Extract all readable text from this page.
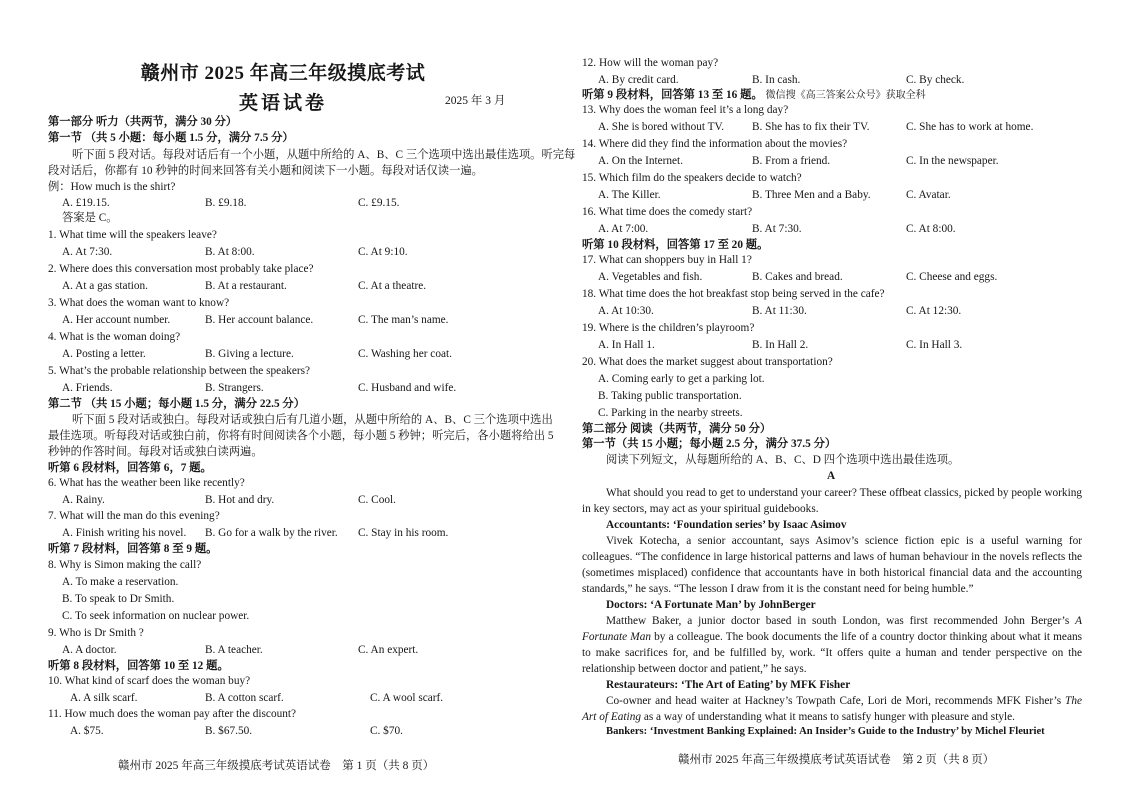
赣州市 2025 年高三年级摸底考试
英语试卷	2025 年 3 月
第一部分 听力（共两节，满分 30 分）
第一节 （共 5 小题：每小题 1.5 分，满分 7.5 分）
听下面 5 段对话。每段对话后有一个小题，从题中所给的 A、B、C 三个选项中选出最佳选项。听完每
段对话后，你都有 10 秒钟的时间来回答有关小题和阅读下一小题。每段对话仅读一遍。
例：How much is the shirt?
A. £19.15.	B. £9.18.	C. £9.15.
答案是 C。
1. What time will the speakers leave?
A. At 7:30.	B. At 8:00.	C. At 9:10.
2. Where does this conversation most probably take place?
A. At a gas station.	B. At a restaurant.	C. At a theatre.
3. What does the woman want to know?
A. Her account number.	B. Her account balance.	C. The man’s name.
4. What is the woman doing?
A. Posting a letter.	B. Giving a lecture.	C. Washing her coat.
5. What’s the probable relationship between the speakers?
A. Friends.	B. Strangers.	C. Husband and wife.
第二节 （共 15 小题；每小题 1.5 分，满分 22.5 分）
听下面 5 段对话或独白。每段对话或独白后有几道小题，从题中所给的 A、B、C 三个选项中选出
最佳选项。听每段对话或独白前，你将有时间阅读各个小题，每小题 5 秒钟；听完后，各小题将给出 5
秒钟的作答时间。每段对话或独白读两遍。
听第 6 段材料，回答第 6，7 题。
6. What has the weather been like recently?
A. Rainy.	B. Hot and dry.	C. Cool.
7. What will the man do this evening?
A. Finish writing his novel. B. Go for a walk by the river. C. Stay in his room.
听第 7 段材料，回答第 8 至 9 题。
8. Why is Simon making the call?
A. To make a reservation.
B. To speak to Dr Smith.
C. To seek information on nuclear power.
9. Who is Dr Smith ?
A. A doctor.	B. A teacher.	C. An expert.
听第 8 段材料，回答第 10 至 12 题。
10. What kind of scarf does the woman buy?
A. A silk scarf.	B. A cotton scarf.	C. A wool scarf.
11. How much does the woman pay after the discount?
A. $75.	B. $67.50.	C. $70.
赣州市 2025 年高三年级摸底考试英语试卷　第 1 页（共 8 页）
12. How will the woman pay?
A. By credit card.	B. In cash.	C. By check.
听第 9 段材料，回答第 13 至 16 题。 微信搜《高三答案公众号》获取全科
13. Why does the woman feel it’s a long day?
A. She is bored without TV. B. She has to fix their TV.	C. She has to work at home.
14. Where did they find the information about the movies?
A. On the Internet.	B. From a friend.	C. In the newspaper.
15. Which film do the speakers decide to watch?
A. The Killer.	B. Three Men and a Baby.	C. Avatar.
16. What time does the comedy start?
A. At 7:00.	B. At 7:30.	C. At 8:00.
听第 10 段材料，回答第 17 至 20 题。
17. What can shoppers buy in Hall 1?
A. Vegetables and fish.	B. Cakes and bread.	C. Cheese and eggs.
18. What time does the hot breakfast stop being served in the cafe?
A. At 10:30.	B. At 11:30.	C. At 12:30.
19. Where is the children’s playroom?
A. In Hall 1.	B. In Hall 2.	C. In Hall 3.
20. What does the market suggest about transportation?
A. Coming early to get a parking lot.
B. Taking public transportation.
C. Parking in the nearby streets.
第二部分 阅读（共两节，满分 50 分）
第一节（共 15 小题；每小题 2.5 分，满分 37.5 分）
阅读下列短文，从每题所给的 A、B、C、D 四个选项中选出最佳选项。
A
What should you read to get to understand your career? These offbeat classics, picked by people working in key sectors, may act as your spiritual guidebooks.
Accountants: ‘Foundation series’ by Isaac Asimov
Vivek Kotecha, a senior accountant, says Asimov’s science fiction epic is a useful warning for colleagues. “The confidence in large historical patterns and laws of human behaviour in the novels reflects the (sometimes misplaced) confidence that accountants have in both historical financial data and the accounting standards,” he says. “The lesson I draw from it is the constant need for being humble.”
Doctors: ‘A Fortunate Man’ by JohnBerger
Matthew Baker, a junior doctor based in south London, was first recommended John Berger’s A Fortunate Man by a colleague. The book documents the life of a country doctor thinking about what it means to make sacrifices for, and be fulfilled by, work. “It offers quite a human and tender perspective on the relationship between doctor and patient,” he says.
Restaurateurs: ‘The Art of Eating’ by MFK Fisher
Co-owner and head waiter at Hackney’s Towpath Cafe, Lori de Mori, recommends MFK Fisher’s The Art of Eating as a way of understanding what it means to satisfy hunger with pleasure and style.
Bankers: ‘Investment Banking Explained: An Insider’s Guide to the Industry’ by Michel Fleuriet
赣州市 2025 年高三年级摸底考试英语试卷　第 2 页（共 8 页）
